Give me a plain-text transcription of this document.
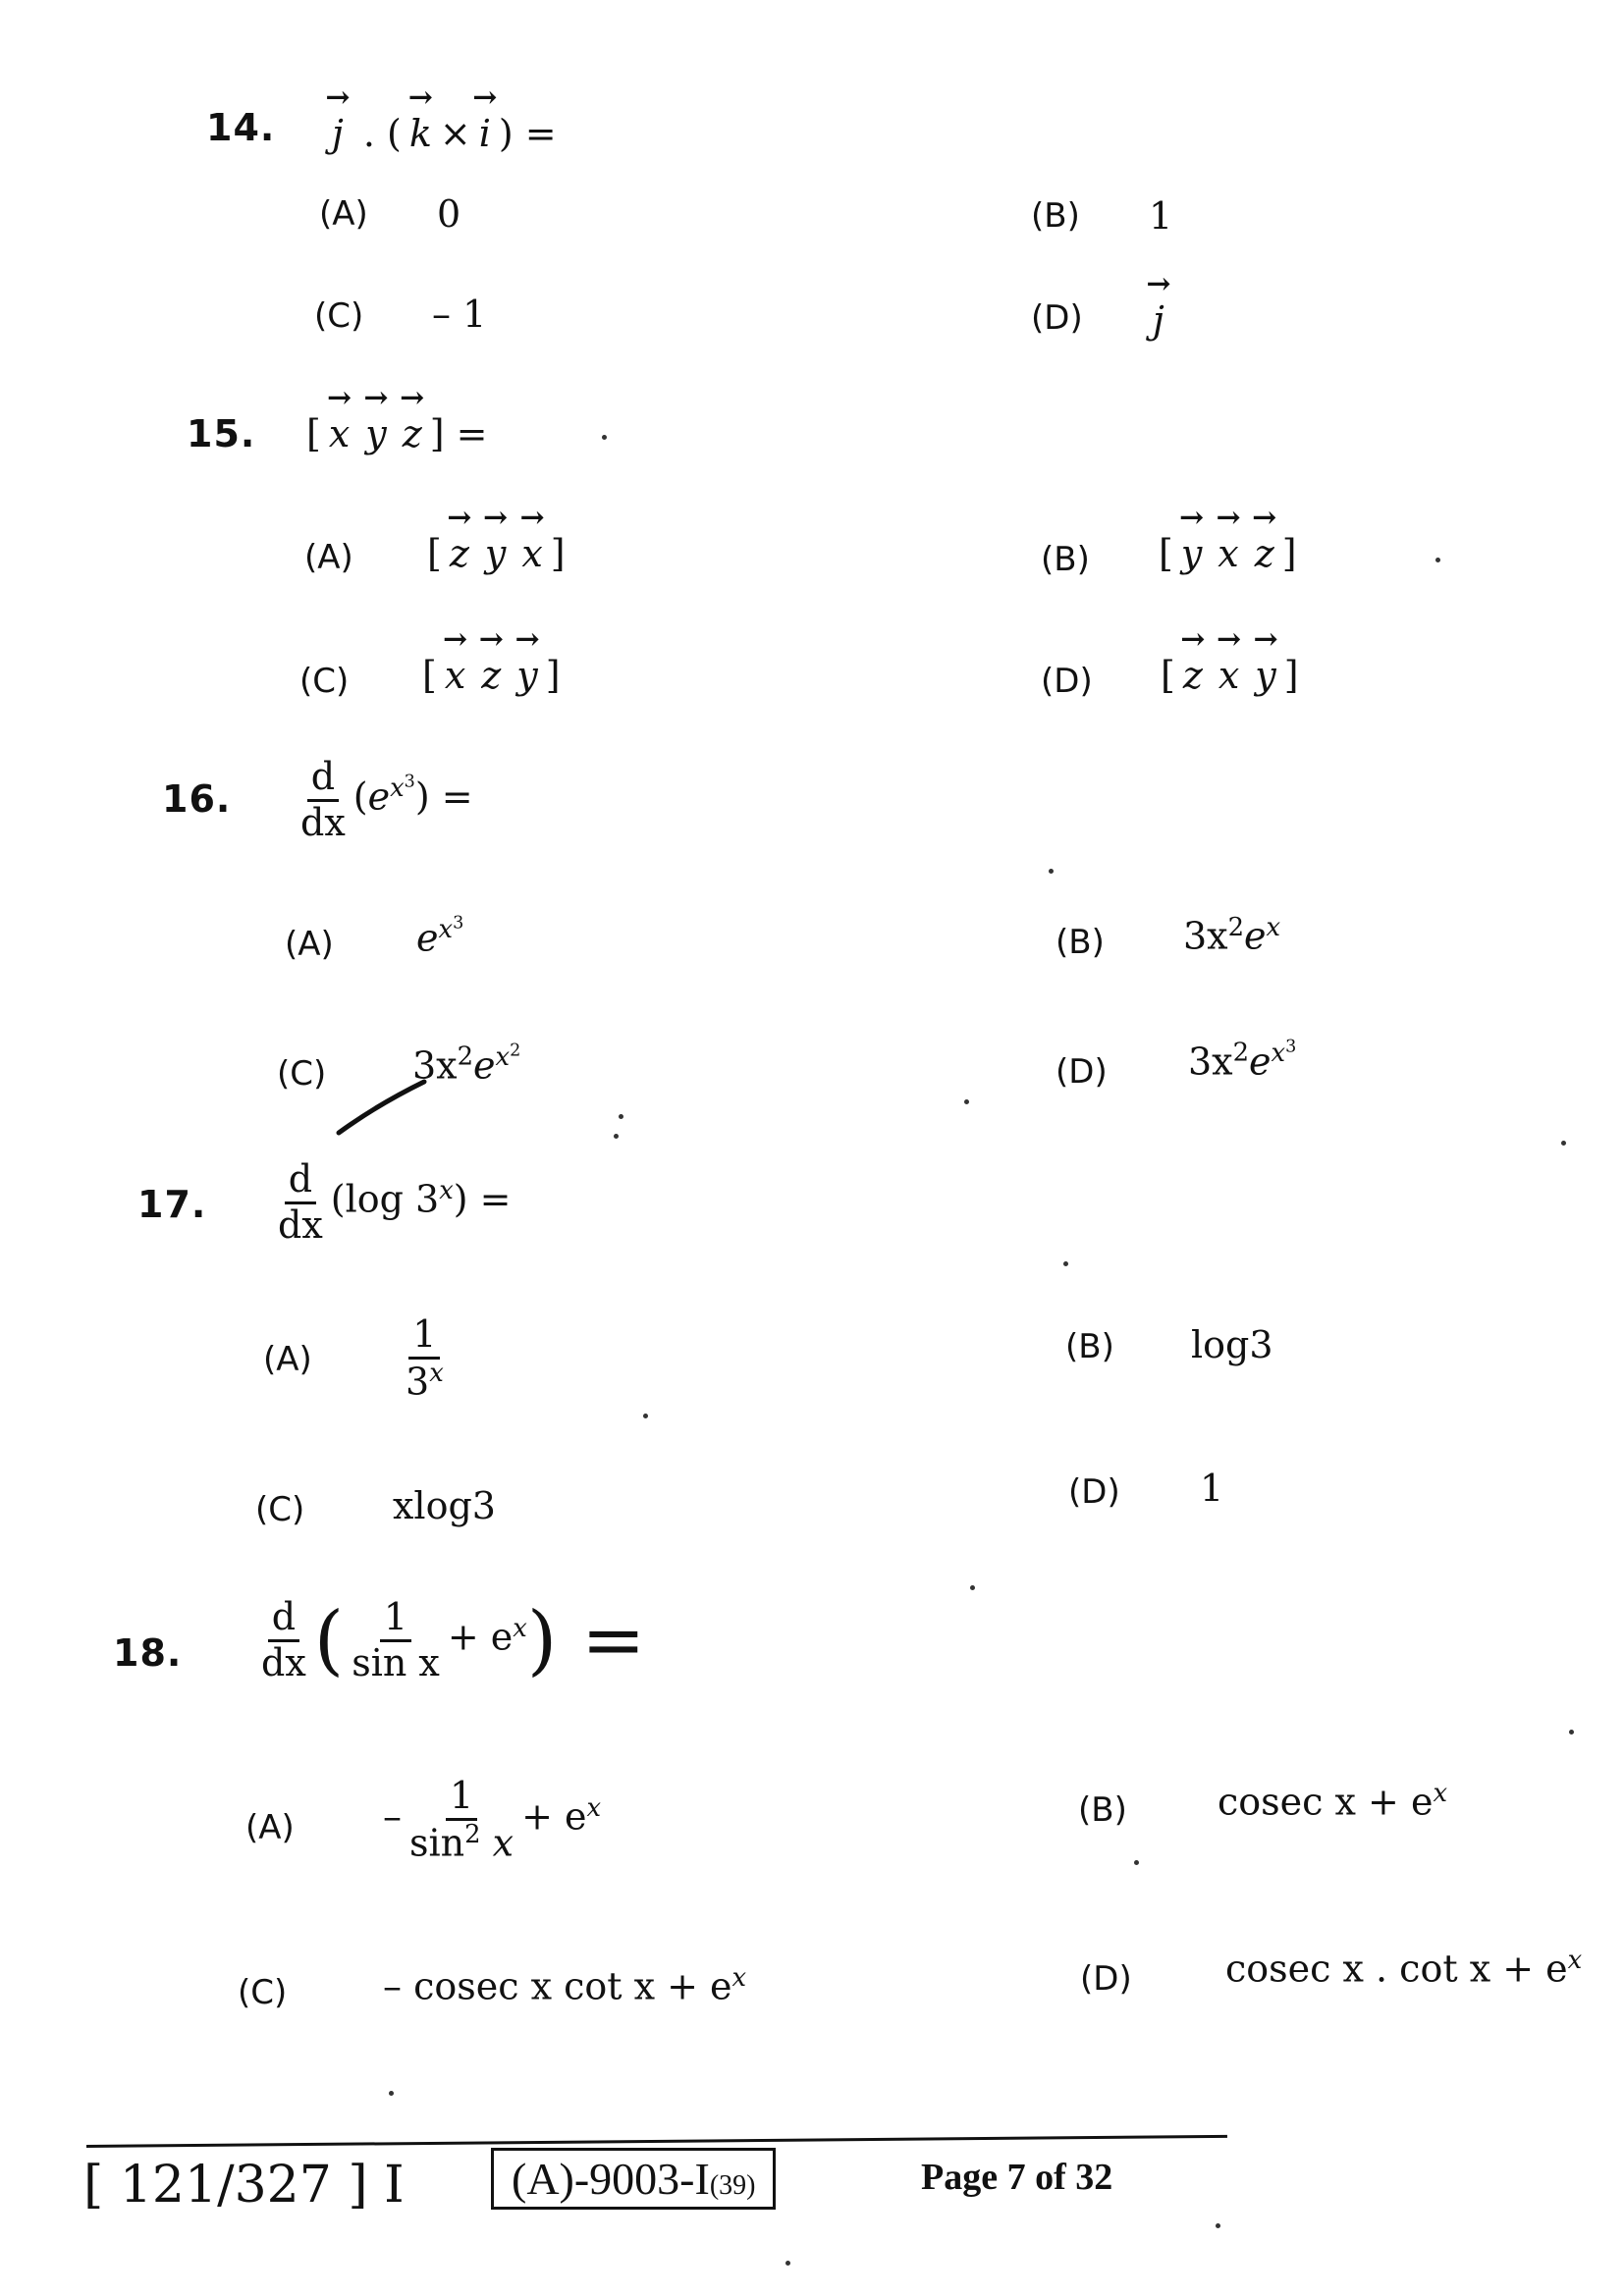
14. → j . ( → k × → i ) =
(A) 0	(B) 1
(C) – 1	(D) → j
15. [ → x → y → z ] =
(A) [ → z → y → x ]	(B) [ → y → x → z ]
(C) [ → x → z → y ]	(D) [ → z → x → y ]
16. $\frac{d}{dx} (e^{x^3})$ =
(A) $e^{x^3}$	(B) $3x^2e^x$
(C) $3x^2e^{x^2}$
(D) $3x^2e^{x^3}$
17. $\frac{d}{dx} (\log$ $3^x$) =
$(A) \frac{1}{3^x}$	(B) log3
(C) xlog3	(D) 1
18. $\frac{d}{dx}$ ( $\frac{1}{\text{sin x}} + e^x$) =
$(A) - \frac{1}{\sin^2 x} + e^x$	(B) cosec $x + e^x$
(C)	– cosec x $\cot x + e^x$	(D)	cosec x . $\cot x + e^x$
[ 121/327 ] I	(A)-9003-I(39)	Page 7 of 32
